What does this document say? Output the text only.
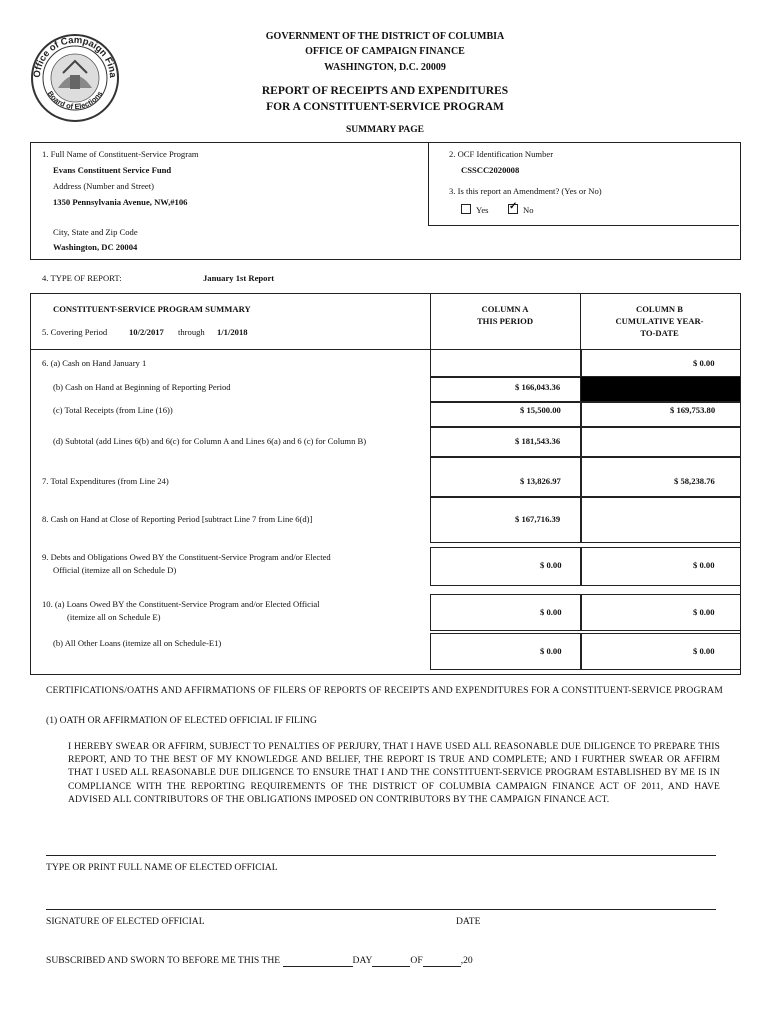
Office of Campaign Fina
Board of Elections
GOVERNMENT OF THE DISTRICT OF COLUMBIA
OFFICE OF CAMPAIGN FINANCE
WASHINGTON, D.C. 20009
REPORT OF RECEIPTS AND EXPENDITURES
FOR A CONSTITUENT-SERVICE PROGRAM
SUMMARY PAGE
1. Full Name of Constituent-Service Program
Evans Constituent Service Fund
Address (Number and Street)
1350 Pennsylvania Avenue, NW,#106
City, State and Zip Code
Washington, DC 20004
2. OCF Identification Number
CSSCC2020008
3. Is this report an Amendment? (Yes or No)
Yes
✓	No
4. TYPE OF REPORT:	January 1st Report
CONSTITUENT-SERVICE PROGRAM SUMMARY
5. Covering Period	10/2/2017 through 1/1/2018
COLUMN A
THIS PERIOD
COLUMN B
CUMULATIVE YEAR-
TO-DATE
6. (a) Cash on Hand January 1
(b) Cash on Hand at Beginning of Reporting Period
(c) Total Receipts (from Line (16))
(d) Subtotal (add Lines 6(b) and 6(c) for Column A and Lines 6(a) and 6 (c) for Column B)
7. Total Expenditures (from Line 24)
8. Cash on Hand at Close of Reporting Period [subtract Line 7 from Line 6(d)]
9. Debts and Obligations Owed BY the Constituent-Service Program and/or Elected
Official (itemize all on Schedule D)
10. (a) Loans Owed BY the Constituent-Service Program and/or Elected Official
(itemize all on Schedule E)
(b) All Other Loans (itemize all on Schedule-E1)
$ 166,043.36
$ 15,500.00
$ 181,543.36
$ 13,826.97
$ 167,716.39
$ 0.00
$ 0.00
$ 0.00
$ 0.00
$ 169,753.80
$ 58,238.76
$ 0.00
$ 0.00
$ 0.00
CERTIFICATIONS/OATHS AND AFFIRMATIONS OF FILERS OF REPORTS OF RECEIPTS AND EXPENDITURES FOR A CONSTITUENT-SERVICE PROGRAM
(1) OATH OR AFFIRMATION OF ELECTED OFFICIAL IF FILING
I HEREBY SWEAR OR AFFIRM, SUBJECT TO PENALTIES OF PERJURY, THAT I HAVE USED ALL REASONABLE DUE DILIGENCE TO PREPARE THIS REPORT, AND TO THE BEST OF MY KNOWLEDGE AND BELIEF, THE REPORT IS TRUE AND COMPLETE; AND I FURTHER SWEAR OR AFFIRM THAT I USED ALL REASONABLE DUE DILIGENCE TO ENSURE THAT I AND THE CONSTITUENT-SERVICE PROGRAM ESTABLISHED BY ME IS IN COMPLIANCE WITH THE REPORTING REQUIREMENTS OF THE DISTRICT OF COLUMBIA CAMPAIGN FINANCE ACT OF 2011, AND HAVE ADVISED ALL CONTRIBUTORS OF THE OBLIGATIONS IMPOSED ON CONTRIBUTORS BY THE CAMPAIGN FINANCE ACT.
TYPE OR PRINT FULL NAME OF ELECTED OFFICIAL
SIGNATURE OF ELECTED OFFICIAL	DATE
SUBSCRIBED AND SWORN TO BEFORE ME THIS THE	DAY	OF	,20
